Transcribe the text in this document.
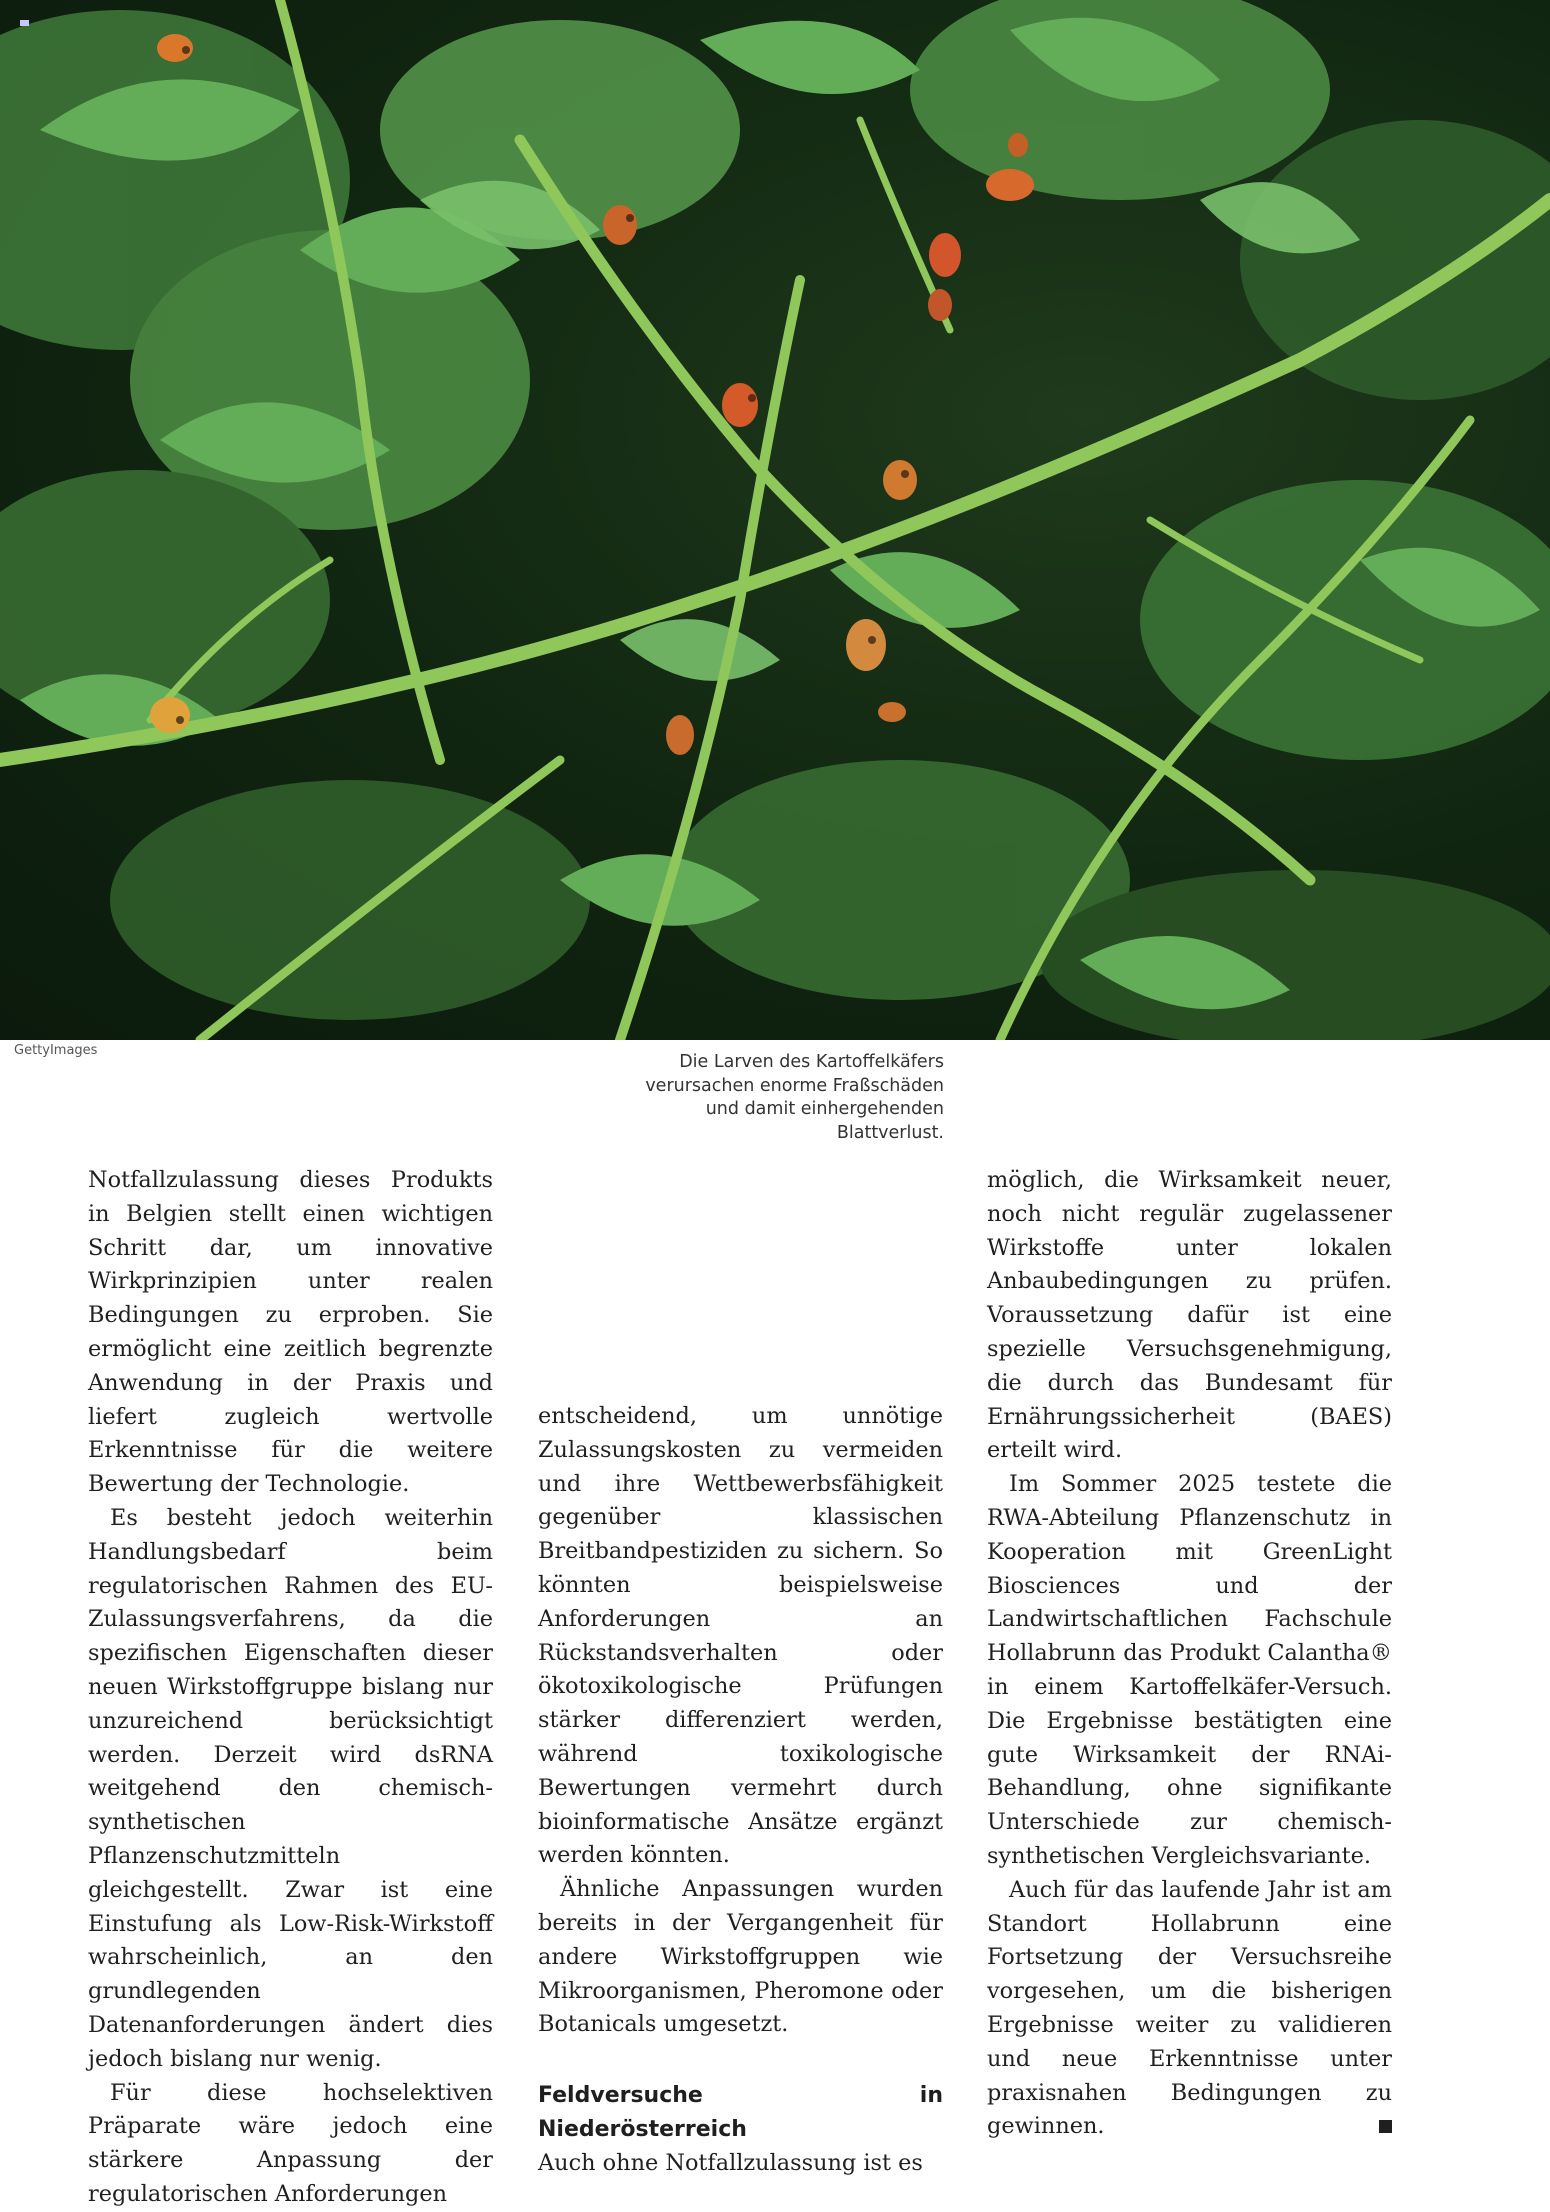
GettyImages
Die Larven des Kartoffelkäfers verursachen enorme Fraßschäden und damit einhergehenden Blattverlust.

Notfallzulassung dieses Produkts in Belgien stellt einen wichtigen Schritt dar, um innovative Wirkprinzipien unter realen Bedingungen zu erproben. Sie ermöglicht eine zeitlich begrenzte Anwendung in der Praxis und liefert zugleich wertvolle Erkenntnisse für die weitere Bewertung der Technologie.

Es besteht jedoch weiterhin Handlungsbedarf beim regulatorischen Rahmen des EU-Zulassungsverfahrens, da die spezifischen Eigenschaften dieser neuen Wirkstoffgruppe bislang nur unzureichend berücksichtigt werden. Derzeit wird dsRNA weitgehend den chemisch-synthetischen Pflanzenschutzmitteln gleichgestellt. Zwar ist eine Einstufung als Low-Risk-Wirkstoff wahrscheinlich, an den grundlegenden Datenanforderungen ändert dies jedoch bislang nur wenig.

Für diese hochselektiven Präparate wäre jedoch eine stärkere Anpassung der regulatorischen Anforderungen

entscheidend, um unnötige Zulassungskosten zu vermeiden und ihre Wettbewerbsfähigkeit gegenüber klassischen Breitbandpestiziden zu sichern. So könnten beispielsweise Anforderungen an Rückstandsverhalten oder ökotoxikologische Prüfungen stärker differenziert werden, während toxikologische Bewertungen vermehrt durch bioinformatische Ansätze ergänzt werden könnten.

Ähnliche Anpassungen wurden bereits in der Vergangenheit für andere Wirkstoffgruppen wie Mikroorganismen, Pheromone oder Botanicals umgesetzt.

Feldversuche in Niederösterreich

Auch ohne Notfallzulassung ist es

möglich, die Wirksamkeit neuer, noch nicht regulär zugelassener Wirkstoffe unter lokalen Anbaubedingungen zu prüfen. Voraussetzung dafür ist eine spezielle Versuchsgenehmigung, die durch das Bundesamt für Ernährungssicherheit (BAES) erteilt wird.

Im Sommer 2025 testete die RWA-Abteilung Pflanzenschutz in Kooperation mit GreenLight Biosciences und der Landwirtschaftlichen Fachschule Hollabrunn das Produkt Calantha® in einem Kartoffelkäfer-Versuch. Die Ergebnisse bestätigten eine gute Wirksamkeit der RNAi-Behandlung, ohne signifikante Unterschiede zur chemisch-synthetischen Vergleichsvariante.

Auch für das laufende Jahr ist am Standort Hollabrunn eine Fortsetzung der Versuchsreihe vorgesehen, um die bisherigen Ergebnisse weiter zu validieren und neue Erkenntnisse unter praxisnahen Bedingungen zu gewinnen.
